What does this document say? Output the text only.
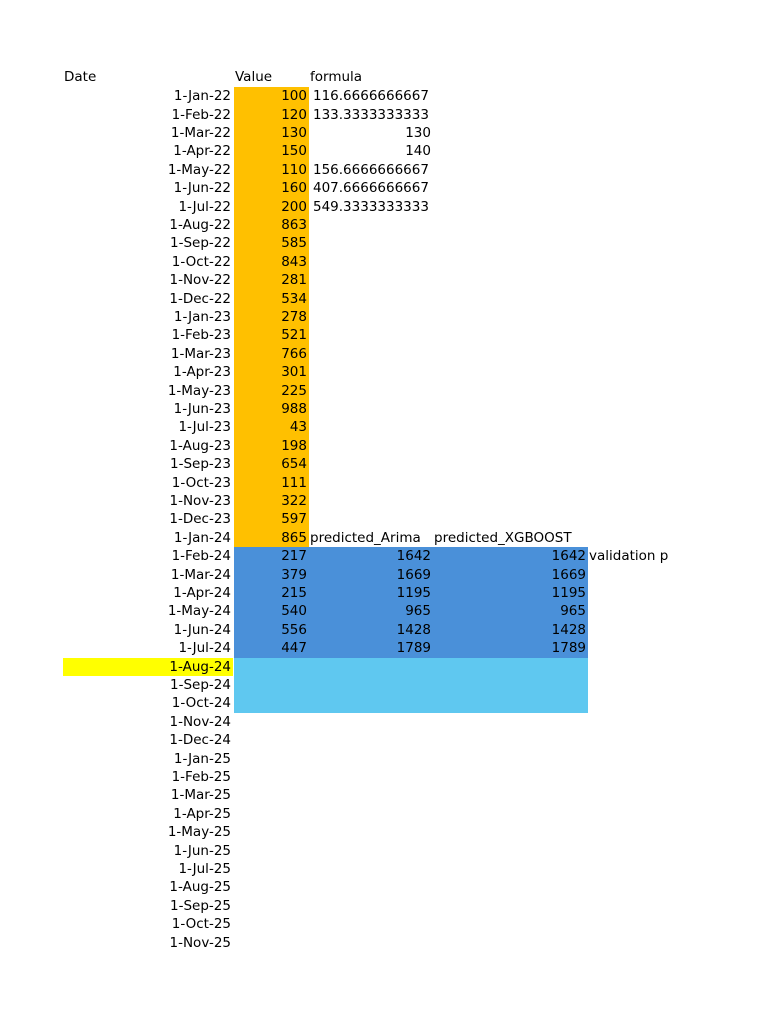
Date	Value	formula
1-Jan-22
1-Feb-22
1-Mar-22
1-Apr-22
1-May-22
1-Jun-22
1-Jul-22
1-Aug-22
1-Sep-22
1-Oct-22
1-Nov-22
1-Dec-22
1-Jan-23
1-Feb-23
1-Mar-23
1-Apr-23
1-May-23
1-Jun-23
1-Jul-23
1-Aug-23
1-Sep-23
1-Oct-23
1-Nov-23
1-Dec-23
1-Jan-24
1-Feb-24
1-Mar-24
1-Apr-24
1-May-24
1-Jun-24
1-Jul-24
1-Aug-24
1-Sep-24
1-Oct-24
1-Nov-24
1-Dec-24
1-Jan-25
1-Feb-25
1-Mar-25
1-Apr-25
1-May-25
1-Jun-25
1-Jul-25
1-Aug-25
1-Sep-25
1-Oct-25
1-Nov-25
100
120
130
150
110
160
200
863
585
843
281
534
278
521
766
301
225
988
43
198
654
111
322
597
865
217
379
215
540
556
447
116.6666666667
133.3333333333
130
140
156.6666666667
407.6666666667
549.3333333333
predicted_Arima predicted_XGBOOST
1642
1669
1195
965
1428
1789
1642
1669
1195
965
1428
1789
validation p
